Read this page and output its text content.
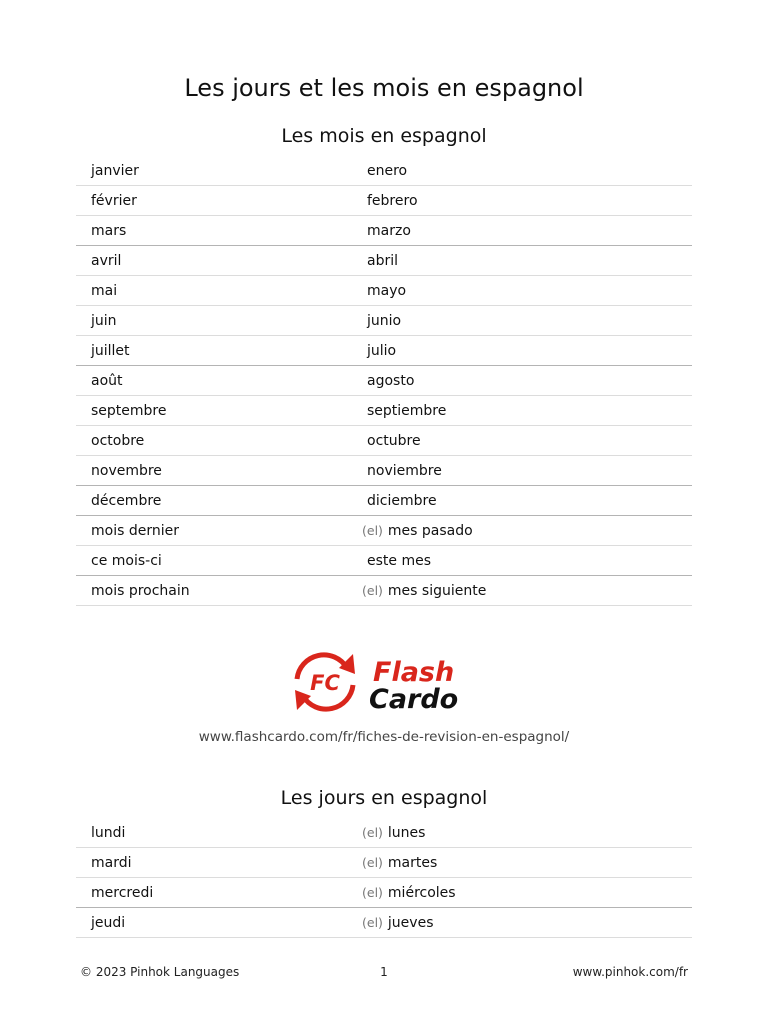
Les jours et les mois en espagnol
Les mois en espagnol
janvier	enero
février	febrero
mars	marzo
avril	abril
mai	mayo
juin	junio
juillet	julio
août	agosto
septembre	septiembre
octobre	octubre
novembre	noviembre
décembre	diciembre
mois dernier	(el) mes pasado
ce mois-ci	este mes
mois prochain	(el) mes siguiente
FC Flash
Cardo
www.flashcardo.com/fr/fiches-de-revision-en-espagnol/
Les jours en espagnol
lundi	(el) lunes
mardi	(el) martes
mercredi	(el) miércoles
jeudi	(el) jueves
© 2023 Pinhok Languages	1	www.pinhok.com/fr
